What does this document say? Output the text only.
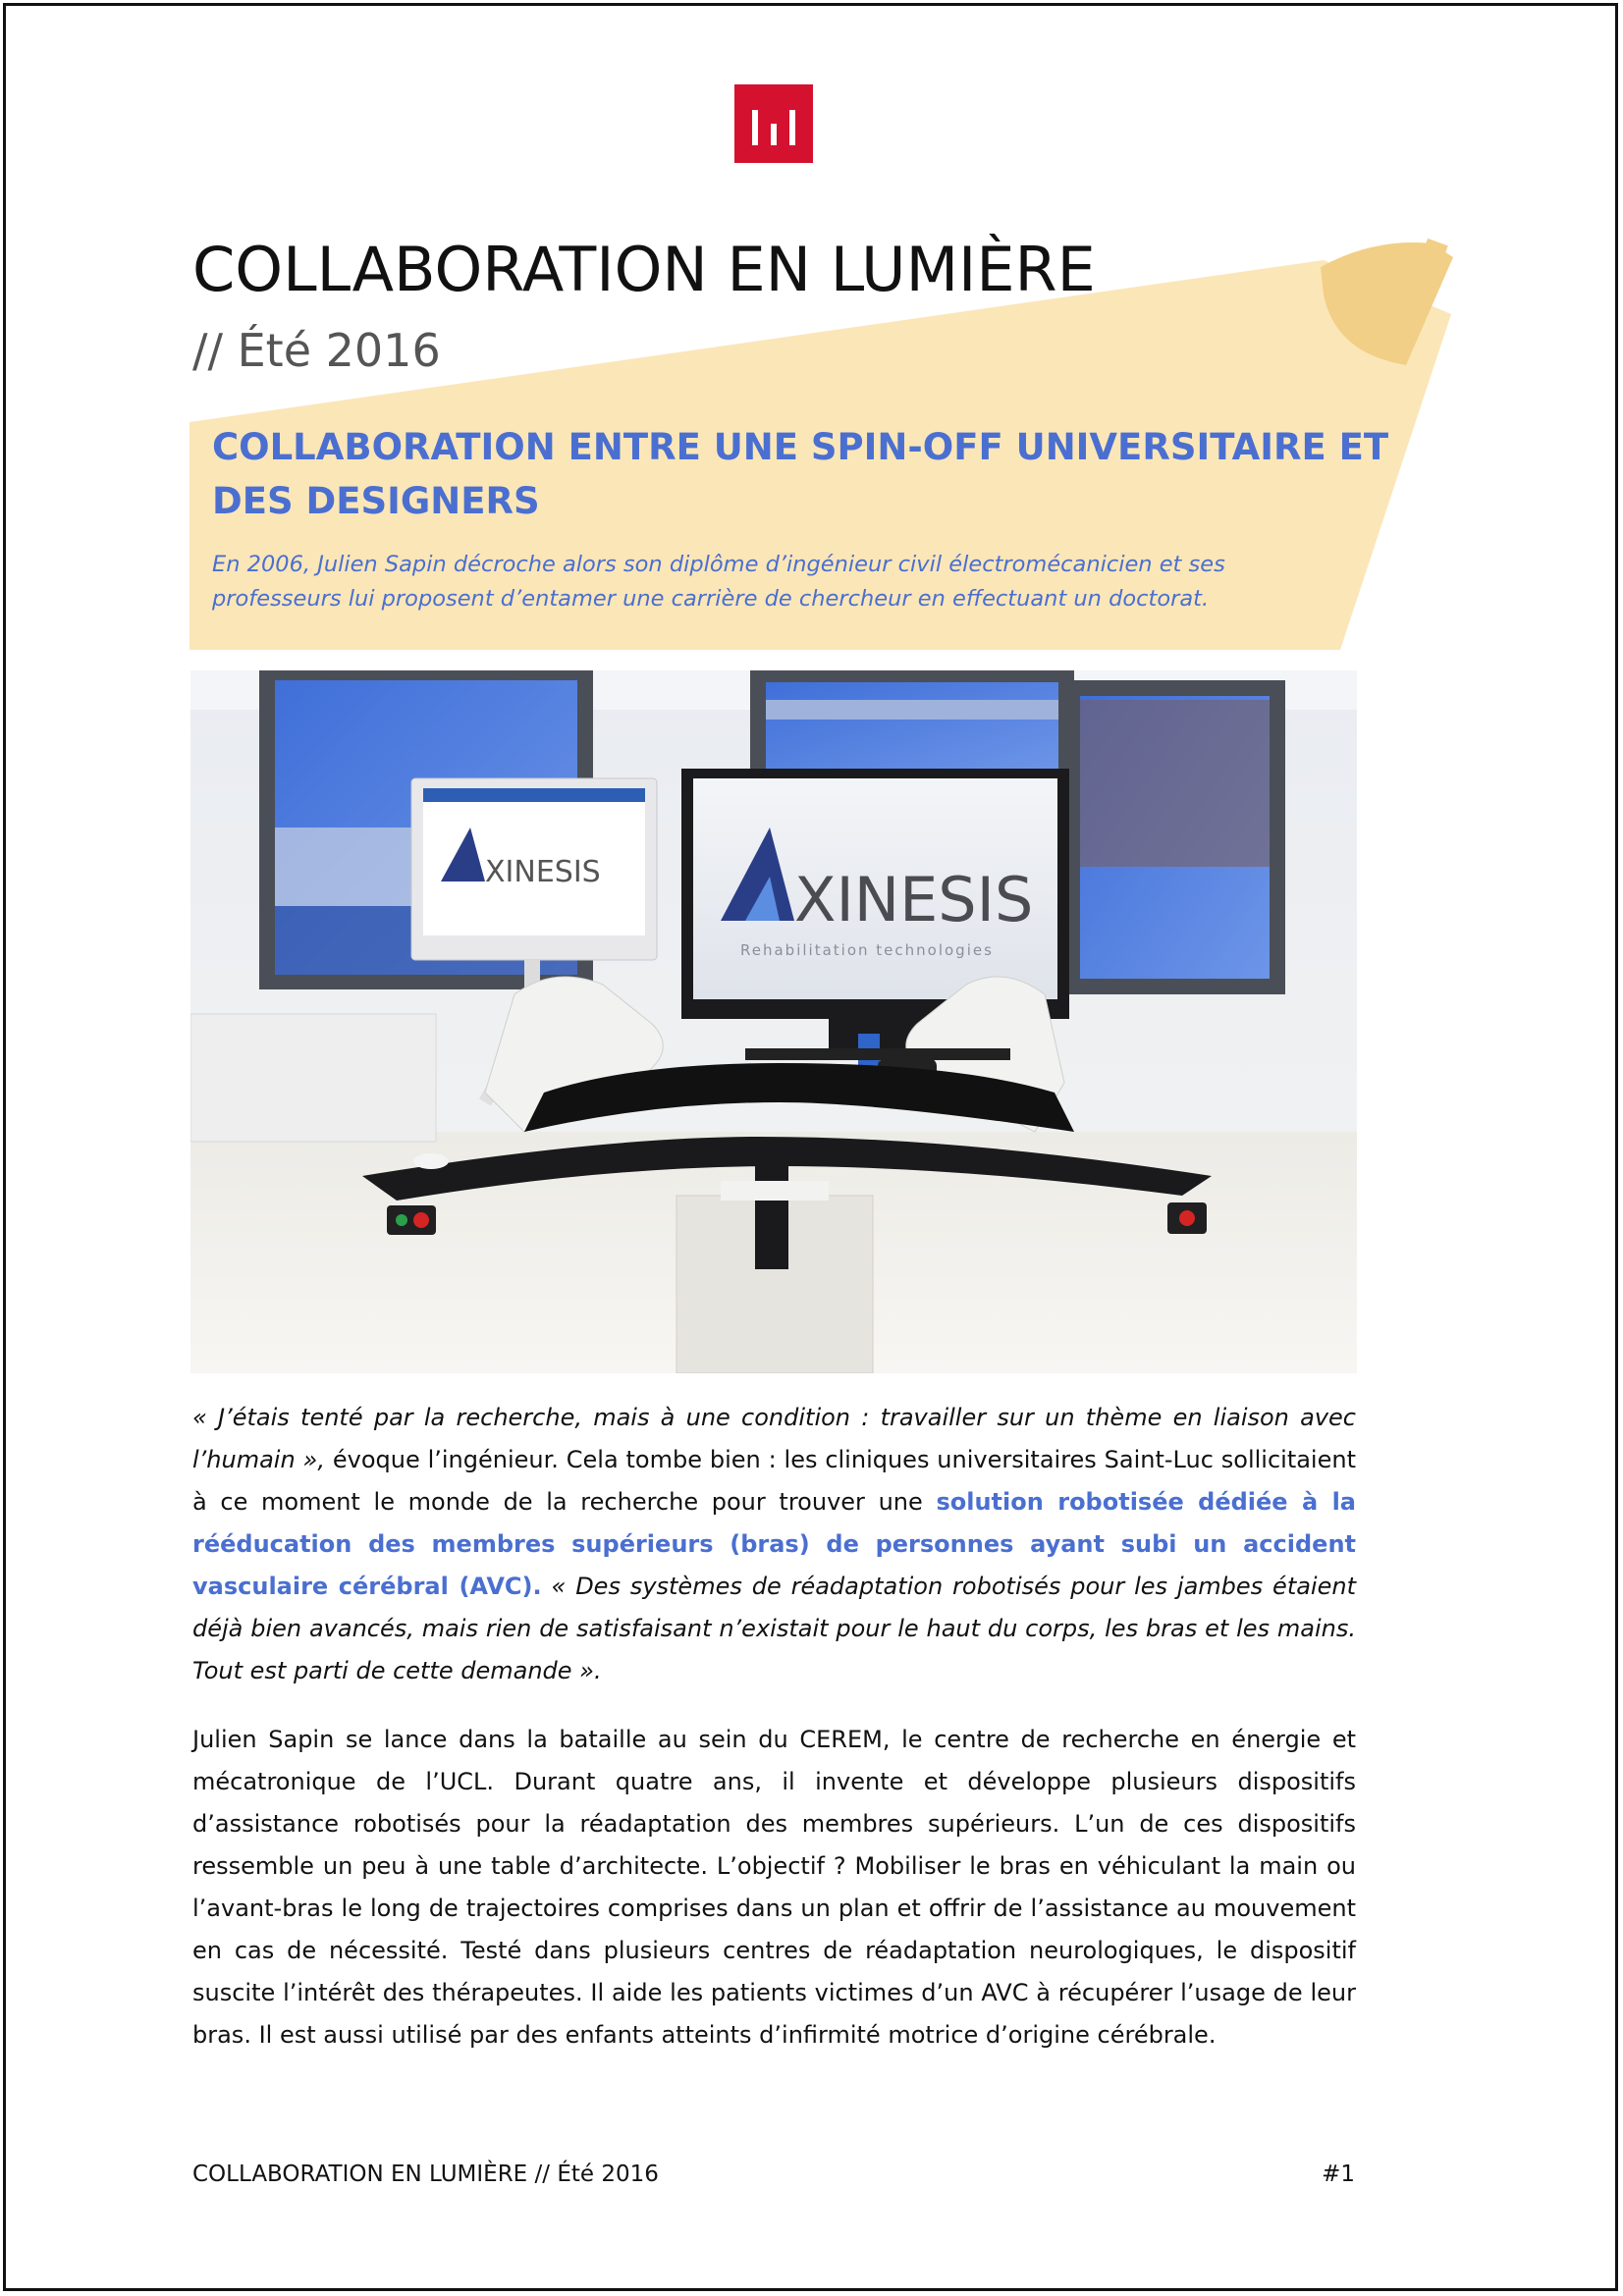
COLLABORATION EN LUMIÈRE
// Été 2016
COLLABORATION ENTRE UNE SPIN-OFF UNIVERSITAIRE ET DES DESIGNERS

En 2006, Julien Sapin décroche alors son diplôme d’ingénieur civil électromécanicien et ses professeurs lui proposent d’entamer une carrière de chercheur en effectuant un doctorat.

XINESIS	XINESIS
Rehabilitation technologies

« J’étais tenté par la recherche, mais à une condition : travailler sur un thème en liaison avec l’humain », évoque l’ingénieur. Cela tombe bien : les cliniques universitaires Saint-Luc sollicitaient à ce moment le monde de la recherche pour trouver une solution robotisée dédiée à la rééducation des membres supérieurs (bras) de personnes ayant subi un accident vasculaire cérébral (AVC). « Des systèmes de réadaptation robotisés pour les jambes étaient déjà bien avancés, mais rien de satisfaisant n’existait pour le haut du corps, les bras et les mains. Tout est parti de cette demande ».

Julien Sapin se lance dans la bataille au sein du CEREM, le centre de recherche en énergie et mécatronique de l’UCL. Durant quatre ans, il invente et développe plusieurs dispositifs d’assistance robotisés pour la réadaptation des membres supérieurs. L’un de ces dispositifs ressemble un peu à une table d’architecte. L’objectif ? Mobiliser le bras en véhiculant la main ou l’avant-bras le long de trajectoires comprises dans un plan et offrir de l’assistance au mouvement en cas de nécessité. Testé dans plusieurs centres de réadaptation neurologiques, le dispositif suscite l’intérêt des thérapeutes. Il aide les patients victimes d’un AVC à récupérer l’usage de leur bras. Il est aussi utilisé par des enfants atteints d’infirmité motrice d’origine cérébrale.

COLLABORATION EN LUMIÈRE // Été 2016	#1
